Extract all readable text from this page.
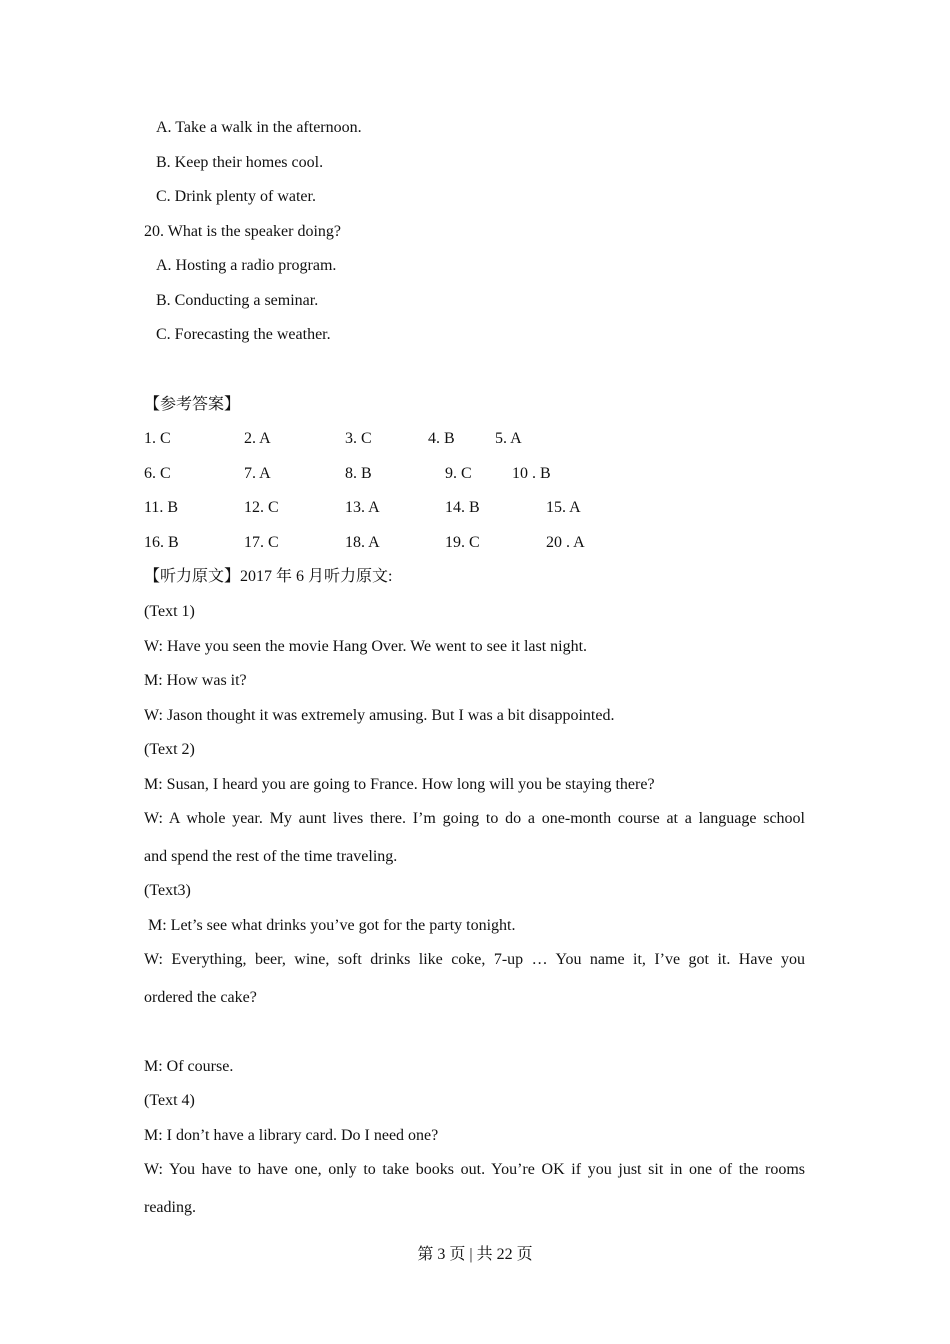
A. Take a walk in the afternoon.
B. Keep their homes cool.
C. Drink plenty of water.
20. What is the speaker doing?
A. Hosting a radio program.
B. Conducting a seminar.
C. Forecasting the weather.
【参考答案】
1. C	2. A	3. C	4. B	5. A
6. C	7. A	8. B	9. C	10 . B
11. B	12. C	13. A	14. B	15. A
16. B	17. C	18. A	19. C	20 . A
【听力原文】2017 年 6 月听力原文:
(Text 1)
W: Have you seen the movie Hang Over. We went to see it last night.
M: How was it?
W: Jason thought it was extremely amusing. But I was a bit disappointed.
(Text 2)
M: Susan, I heard you are going to France. How long will you be staying there?
W: A whole year. My aunt lives there. I’m going to do a one-month course at a language school
and spend the rest of the time traveling.
(Text3)
M: Let’s see what drinks you’ve got for the party tonight.
W: Everything, beer, wine, soft drinks like coke, 7-up … You name it, I’ve got it. Have you
ordered the cake?
M: Of course.
(Text 4)
M: I don’t have a library card. Do I need one?
W: You have to have one, only to take books out. You’re OK if you just sit in one of the rooms
reading.
第 3 页 | 共 22 页
